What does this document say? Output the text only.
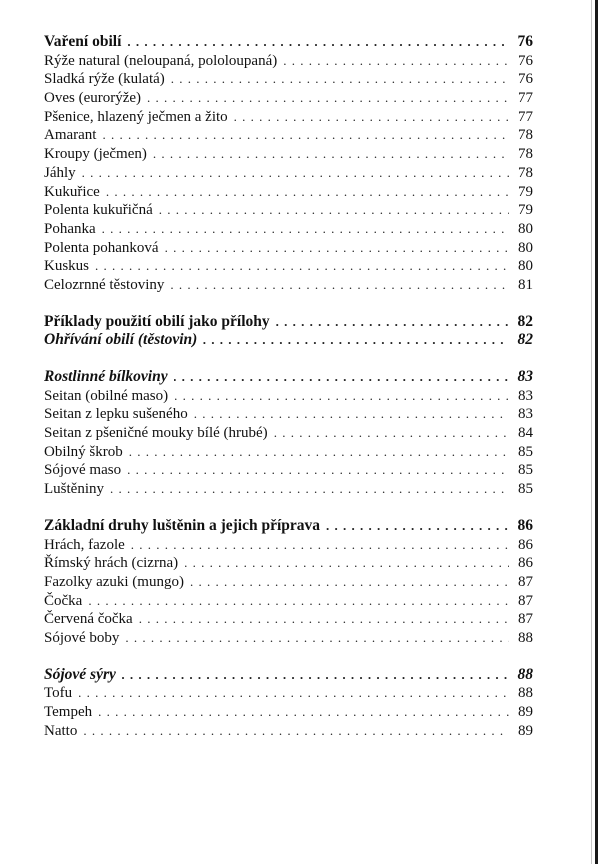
Vaření obilí . . .	76
Rýže natural (neloupaná, pololoupaná) . . .	76
Sladká rýže (kulatá) . . .	76
Oves (eurorýže) . . .	77
Pšenice, hlazený ječmen a žito . . .	77
Amarant . . .	78
Kroupy (ječmen) . . .	78
Jáhly . . .	78
Kukuřice . . .	79
Polenta kukuřičná . . .	79
Pohanka . . .	80
Polenta pohanková . . .	80
Kuskus . . .	80
Celozrnné těstoviny . . .	81
Příklady použití obilí jako přílohy . . .	82
Ohřívání obilí (těstovin) . . .	82
Rostlinné bílkoviny . . .	83
Seitan (obilné maso) . . .	83
Seitan z lepku sušeného . . .	83
Seitan z pšeničné mouky bílé (hrubé) . . .	84
Obilný škrob . . .	85
Sójové maso . . .	85
Luštěniny . . .	85
Základní druhy luštěnin a jejich příprava . . .	86
Hrách, fazole . . .	86
Římský hrách (cizrna) . . .	86
Fazolky azuki (mungo) . . .	87
Čočka . . .	87
Červená čočka . . .	87
Sójové boby . . .	88
Sójové sýry . . .	88
Tofu . . .	88
Tempeh . . .	89
Natto . . .	89
